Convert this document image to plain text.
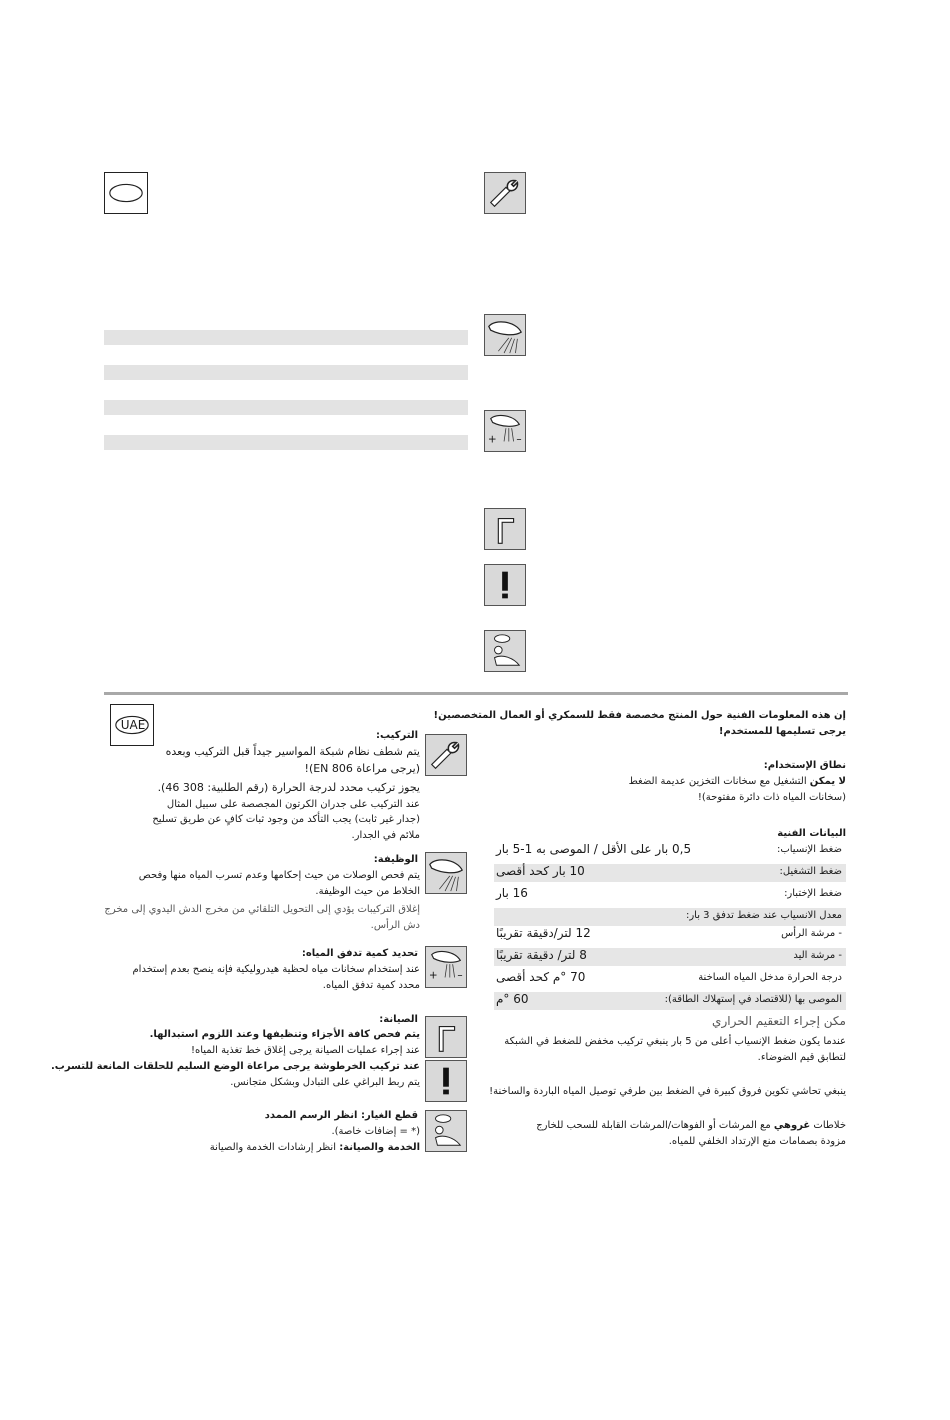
+ –
UAE
+ –
التركيب:
يتم شطف نظام شبكة المواسير جيداً قبل التركيب وبعده
(يرجى مراعاة EN 806)!
يجوز تركيب محدد لدرجة الحرارة (رقم الطلبية: 308 46).
عند التركيب على جدران الكرتون المجصصة على سبيل المثال
(جدار غير ثابت) يجب التأكد من وجود ثبات كافٍ عن طريق تسليح
ملائم في الجدار.
الوظيفة:
يتم فحص الوصلات من حيث إحكامها وعدم تسرب المياه منها وفحص
الخلاط من حيث الوظيفة.
إغلاق التركيبات يؤدي إلى التحويل التلقائي من مخرج الدش اليدوي إلى مخرج
دش الرأس.
تحديد كمية تدفق المياه:
عند إستخدام سخانات مياه لحظية هيدروليكية فإنه ينصح بعدم إستخدام
محدد كمية تدفق المياه.
الصيانة:
يتم فحص كافة الأجزاء وتنظيفها وعند اللزوم استبدالها.
عند إجراء عمليات الصيانة يرجى إغلاق خط تغذية المياه!
عند تركيب الخرطوشة يرجى مراعاة الوضع السليم للحلقات المانعة للتسرب.
يتم ربط البراغي على التبادل وبشكل متجانس.
قطع الغيار: انظر الرسم الممدد
(* = إضافات خاصة).
الخدمة والصيانة: انظر إرشادات الخدمة والصيانة
إن هذه المعلومات الفنية حول المنتج مخصصة فقط للسمكري أو العمال المتخصصين!
يرجى تسليمها للمستخدم!
نطاق الإستخدام:
لا يمكن التشغيل مع سخانات التخزين عديمة الضغط
(سخانات المياه ذات دائرة مفتوحة)!
البيانات الفنية
ضغط الإنسياب:
0,5 بار على الأقل / الموصى به 1-5 بار
ضغط التشغيل:
10 بار كحد أقصى
ضغط الإختبار:
16 بار
معدل الانسياب عند ضغط تدفق 3 بار:
- مرشة الرأس
12 لتر/دقيقة تقريبًا
- مرشة اليد
8 لتر/ دقيقة تقريبًا
درجة الحرارة مدخل المياه الساخنة
70 °م كحد أقصى
الموصى بها (للاقتصاد في إستهلاك الطاقة):
60 °م
مكن إجراء التعقيم الحراري
عندما يكون ضغط الإنسياب أعلى من 5 بار ينبغي تركيب مخفض للضغط في الشبكة
لتطابق قيم الضوضاء.
ينبغي تحاشي تكوين فروق كبيرة في الضغط بين طرفي توصيل المياه الباردة والساخنة!
خلاطات غروهي مع المرشات أو الفوهات/المرشات القابلة للسحب للخارج
مزودة بصمامات منع الإرتداد الخلفي للمياه.
